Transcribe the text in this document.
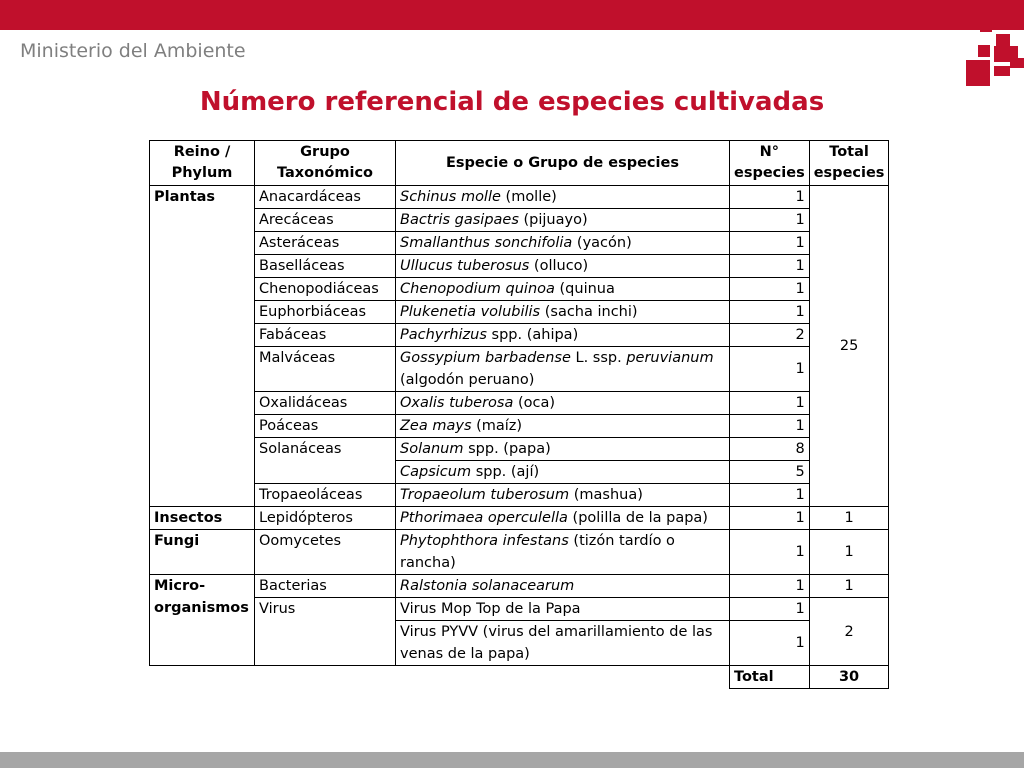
Ministerio del Ambiente
Número referencial de especies cultivadas
Reino / Phylum	Grupo Taxonómico	Especie o Grupo de especies	N° especies	Total especies
Plantas	Anacardáceas	Schinus molle (molle)	1	25
	Arecáceas	Bactris gasipaes (pijuayo)	1	
	Asteráceas	Smallanthus sonchifolia (yacón)	1	
	Baselláceas	Ullucus tuberosus (olluco)	1	
	Chenopodiáceas	Chenopodium quinoa (quinua	1	
	Euphorbiáceas	Plukenetia volubilis (sacha inchi)	1	
	Fabáceas	Pachyrhizus spp. (ahipa)	2	
	Malváceas	Gossypium barbadense L. ssp. peruvianum (algodón peruano)	1	
	Oxalidáceas	Oxalis tuberosa (oca)	1	
	Poáceas	Zea mays (maíz)	1	
	Solanáceas	Solanum spp. (papa)	8	
		Capsicum spp. (ají)	5	
	Tropaeoláceas	Tropaeolum tuberosum (mashua)	1	
Insectos	Lepidópteros	Pthorimaea operculella (polilla de la papa)	1	1
Fungi	Oomycetes	Phytophthora infestans (tizón tardío o rancha)	1	1
Micro-organismos	Bacterias	Ralstonia solanacearum	1	1
	Virus	Virus Mop Top de la Papa	1	2
		Virus PYVV (virus del amarillamiento de las venas de la papa)	1	
			Total	30
